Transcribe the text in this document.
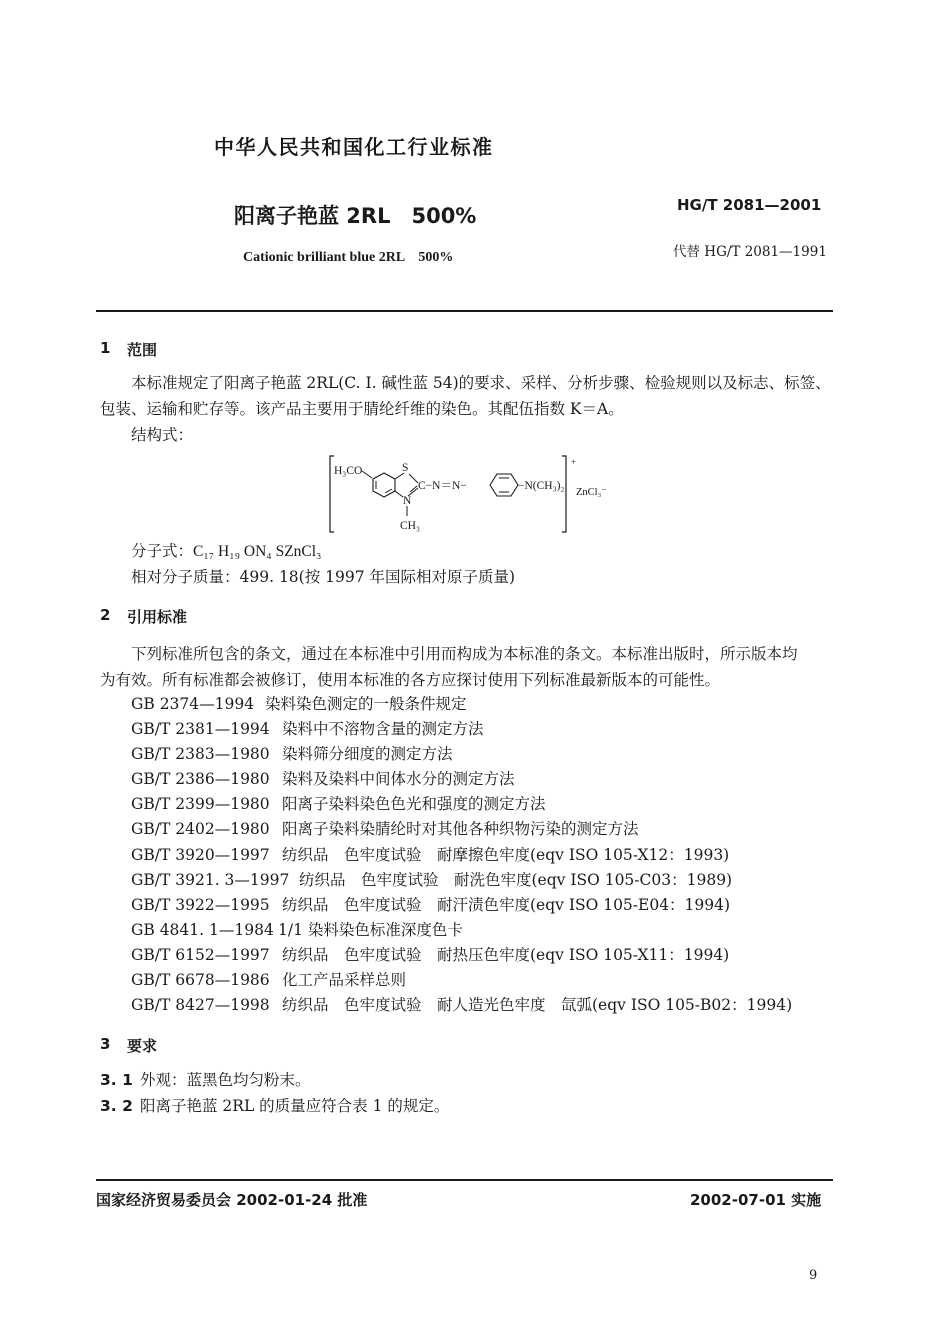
中华人民共和国化工行业标准
阳离子艳蓝 2RL　500%
Cationic brilliant blue 2RL　500%
HG/T 2081—2001
代替 HG/T 2081—1991
1 范围
本标准规定了阳离子艳蓝 2RL(C. I. 碱性蓝 54)的要求、采样、分析步骤、检验规则以及标志、标签、
包装、运输和贮存等。该产品主要用于腈纶纤维的染色。其配伍指数 K＝A。
结构式：
H₃CO	S
C−N＝N−
N
CH₃
−N(CH₃)₂
+
ZnCl₃⁻
分子式：C₁₇ H₁₉ ON₄ SZnCl₃
相对分子质量：499. 18(按 1997 年国际相对原子质量)
2 引用标准
下列标准所包含的条文，通过在本标准中引用而构成为本标准的条文。本标准出版时，所示版本均
为有效。所有标准都会被修订，使用本标准的各方应探讨使用下列标准最新版本的可能性。
GB 2374—1994 染料染色测定的一般条件规定
GB/T 2381—1994 染料中不溶物含量的测定方法
GB/T 2383—1980 染料筛分细度的测定方法
GB/T 2386—1980 染料及染料中间体水分的测定方法
GB/T 2399—1980 阳离子染料染色色光和强度的测定方法
GB/T 2402—1980 阳离子染料染腈纶时对其他各种织物污染的测定方法
GB/T 3920—1997 纺织品　色牢度试验　耐摩擦色牢度(eqv ISO 105-X12：1993)
GB/T 3921. 3—1997 纺织品　色牢度试验　耐洗色牢度(eqv ISO 105-C03：1989)
GB/T 3922—1995 纺织品　色牢度试验　耐汗渍色牢度(eqv ISO 105-E04：1994)
GB 4841. 1—1984 1/1 染料染色标准深度色卡
GB/T 6152—1997 纺织品　色牢度试验　耐热压色牢度(eqv ISO 105-X11：1994)
GB/T 6678—1986 化工产品采样总则
GB/T 8427—1998 纺织品　色牢度试验　耐人造光色牢度　氙弧(eqv ISO 105-B02：1994)
3 要求
3. 1 外观：蓝黑色均匀粉末。
3. 2 阳离子艳蓝 2RL 的质量应符合表 1 的规定。
国家经济贸易委员会 2002-01-24 批准	2002-07-01 实施
9
